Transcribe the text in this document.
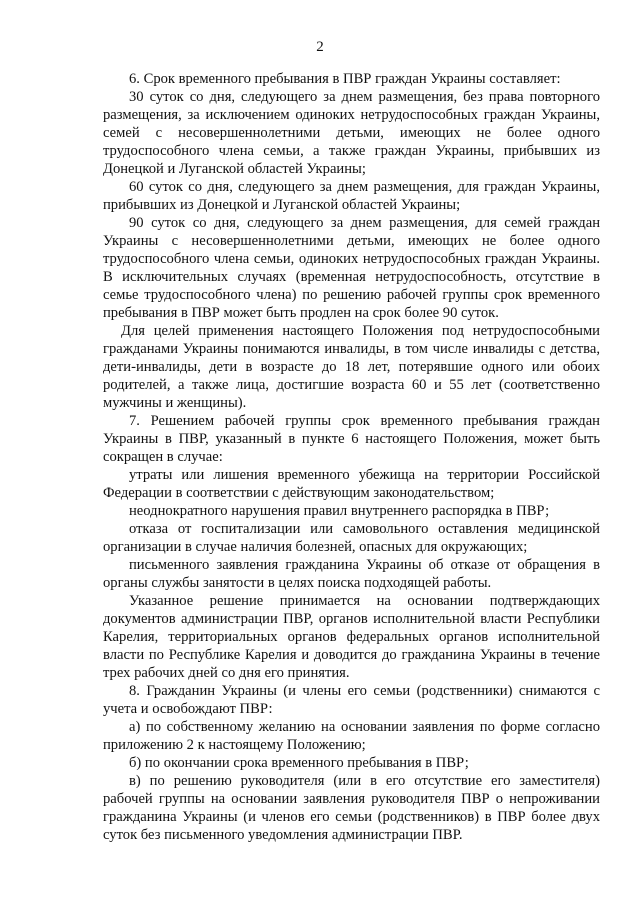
2

6. Срок временного пребывания в ПВР граждан Украины составляет:

30 суток со дня, следующего за днем размещения, без права повторного размещения, за исключением одиноких нетрудоспособных граждан Украины, семей с несовершеннолетними детьми, имеющих не более одного трудоспособного члена семьи, а также граждан Украины, прибывших из Донецкой и Луганской областей Украины;

60 суток со дня, следующего за днем размещения, для граждан Украины, прибывших из Донецкой и Луганской областей Украины;

90 суток со дня, следующего за днем размещения, для семей граждан Украины с несовершеннолетними детьми, имеющих не более одного трудоспособного члена семьи, одиноких нетрудоспособных граждан Украины. В исключительных случаях (временная нетрудоспособность, отсутствие в семье трудоспособного члена) по решению рабочей группы срок временного пребывания в ПВР может быть продлен на срок более 90 суток.

Для целей применения настоящего Положения под нетрудоспособными гражданами Украины понимаются инвалиды, в том числе инвалиды с детства, дети-инвалиды, дети в возрасте до 18 лет, потерявшие одного или обоих родителей, а также лица, достигшие возраста 60 и 55 лет (соответственно мужчины и женщины).

7. Решением рабочей группы срок временного пребывания граждан Украины в ПВР, указанный в пункте 6 настоящего Положения, может быть сокращен в случае:

утраты или лишения временного убежища на территории Российской Федерации в соответствии с действующим законодательством;

неоднократного нарушения правил внутреннего распорядка в ПВР;

отказа от госпитализации или самовольного оставления медицинской организации в случае наличия болезней, опасных для окружающих;

письменного заявления гражданина Украины об отказе от обращения в органы службы занятости в целях поиска подходящей работы.

Указанное решение принимается на основании подтверждающих документов администрации ПВР, органов исполнительной власти Республики Карелия, территориальных органов федеральных органов исполнительной власти по Республике Карелия и доводится до гражданина Украины в течение трех рабочих дней со дня его принятия.

8. Гражданин Украины (и члены его семьи (родственники) снимаются с учета и освобождают ПВР:

а) по собственному желанию на основании заявления по форме согласно приложению 2 к настоящему Положению;

б) по окончании срока временного пребывания в ПВР;

в) по решению руководителя (или в его отсутствие его заместителя) рабочей группы на основании заявления руководителя ПВР о непроживании гражданина Украины (и членов его семьи (родственников) в ПВР более двух суток без письменного уведомления администрации ПВР.
